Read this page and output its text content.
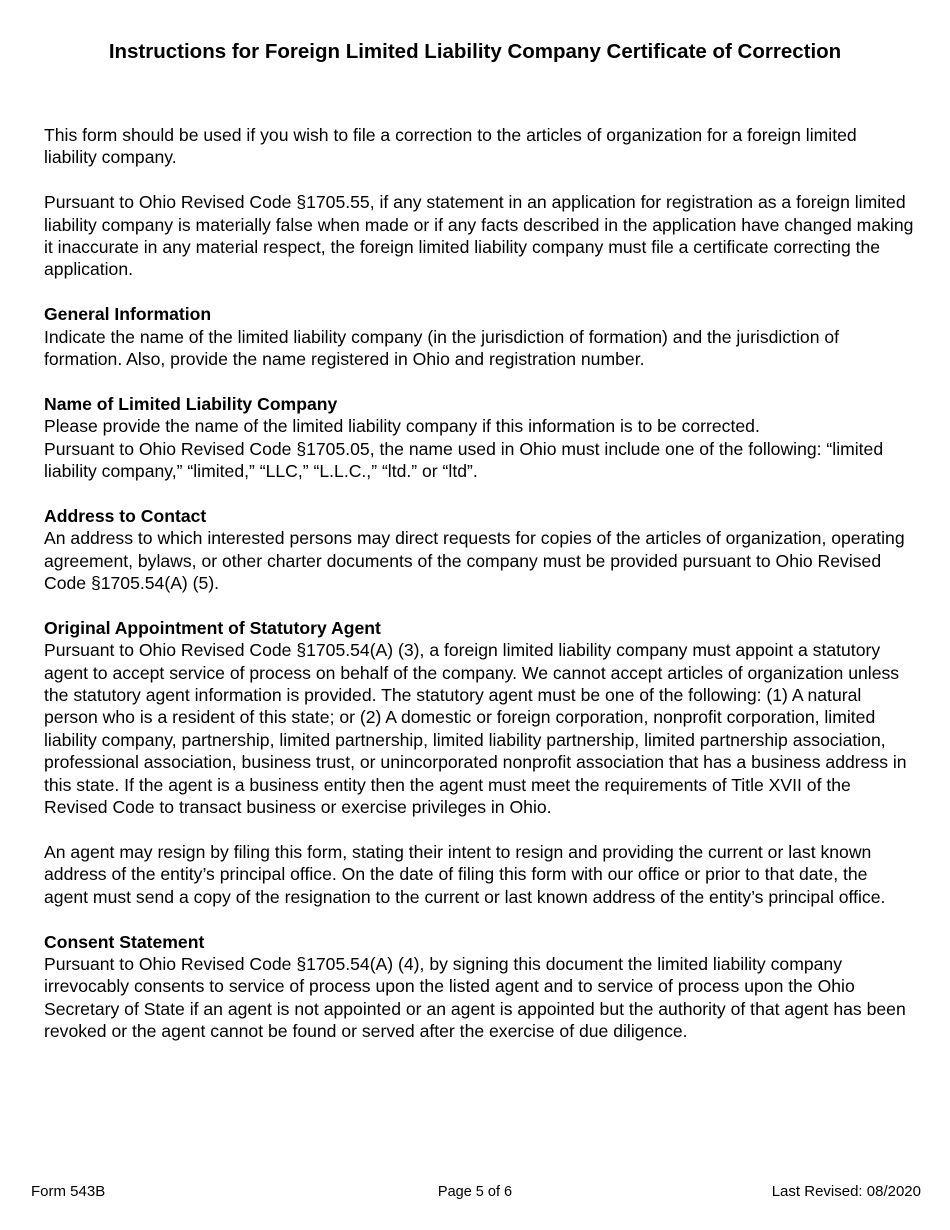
Instructions for Foreign Limited Liability Company Certificate of Correction

This form should be used if you wish to file a correction to the articles of organization for a foreign limited liability company.

Pursuant to Ohio Revised Code §1705.55, if any statement in an application for registration as a foreign limited liability company is materially false when made or if any facts described in the application have changed making it inaccurate in any material respect, the foreign limited liability company must file a certificate correcting the application.

General Information
Indicate the name of the limited liability company (in the jurisdiction of formation) and the jurisdiction of formation. Also, provide the name registered in Ohio and registration number.
Name of Limited Liability Company
Please provide the name of the limited liability company if this information is to be corrected.
Pursuant to Ohio Revised Code §1705.05, the name used in Ohio must include one of the following: “limited liability company,” “limited,” “LLC,” “L.L.C.,” “ltd.” or “ltd”.
Address to Contact
An address to which interested persons may direct requests for copies of the articles of organization, operating agreement, bylaws, or other charter documents of the company must be provided pursuant to Ohio Revised Code §1705.54(A) (5).
Original Appointment of Statutory Agent
Pursuant to Ohio Revised Code §1705.54(A) (3), a foreign limited liability company must appoint a statutory agent to accept service of process on behalf of the company. We cannot accept articles of organization unless the statutory agent information is provided. The statutory agent must be one of the following: (1) A natural person who is a resident of this state; or (2) A domestic or foreign corporation, nonprofit corporation, limited liability company, partnership, limited partnership, limited liability partnership, limited partnership association, professional association, business trust, or unincorporated nonprofit association that has a business address in this state. If the agent is a business entity then the agent must meet the requirements of Title XVII of the Revised Code to transact business or exercise privileges in Ohio.

An agent may resign by filing this form, stating their intent to resign and providing the current or last known address of the entity’s principal office. On the date of filing this form with our office or prior to that date, the agent must send a copy of the resignation to the current or last known address of the entity’s principal office.

Consent Statement
Pursuant to Ohio Revised Code §1705.54(A) (4), by signing this document the limited liability company irrevocably consents to service of process upon the listed agent and to service of process upon the Ohio Secretary of State if an agent is not appointed or an agent is appointed but the authority of that agent has been revoked or the agent cannot be found or served after the exercise of due diligence.
Form 543B	Page 5 of 6	Last Revised: 08/2020
